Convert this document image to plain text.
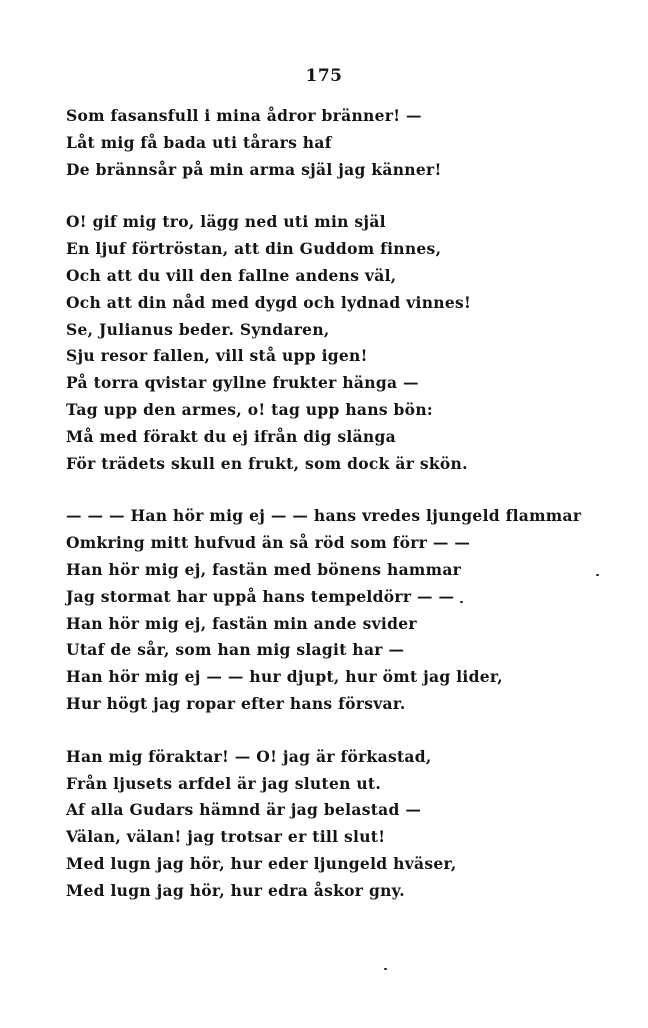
175
Som fasansfull i mina ådror bränner! —
Låt mig få bada uti tårars haf
De brännsår på min arma själ jag känner!
O! gif mig tro, lägg ned uti min själ
En ljuf förtröstan, att din Guddom finnes,
Och att du vill den fallne andens väl,
Och att din nåd med dygd och lydnad vinnes!
Se, Julianus beder. Syndaren,
Sju resor fallen, vill stå upp igen!
På torra qvistar gyllne frukter hänga —
Tag upp den armes, o! tag upp hans bön:
Må med förakt du ej ifrån dig slänga
För trädets skull en frukt, som dock är skön.
— — — Han hör mig ej — — hans vredes ljungeld flammar
Omkring mitt hufvud än så röd som förr — —
Han hör mig ej, fastän med bönens hammar
Jag stormat har uppå hans tempeldörr — —
Han hör mig ej, fastän min ande svider
Utaf de sår, som han mig slagit har —
Han hör mig ej — — hur djupt, hur ömt jag lider,
Hur högt jag ropar efter hans försvar.
Han mig föraktar! — O! jag är förkastad,
Från ljusets arfdel är jag sluten ut.
Af alla Gudars hämnd är jag belastad —
Välan, välan! jag trotsar er till slut!
Med lugn jag hör, hur eder ljungeld hväser,
Med lugn jag hör, hur edra åskor gny.
